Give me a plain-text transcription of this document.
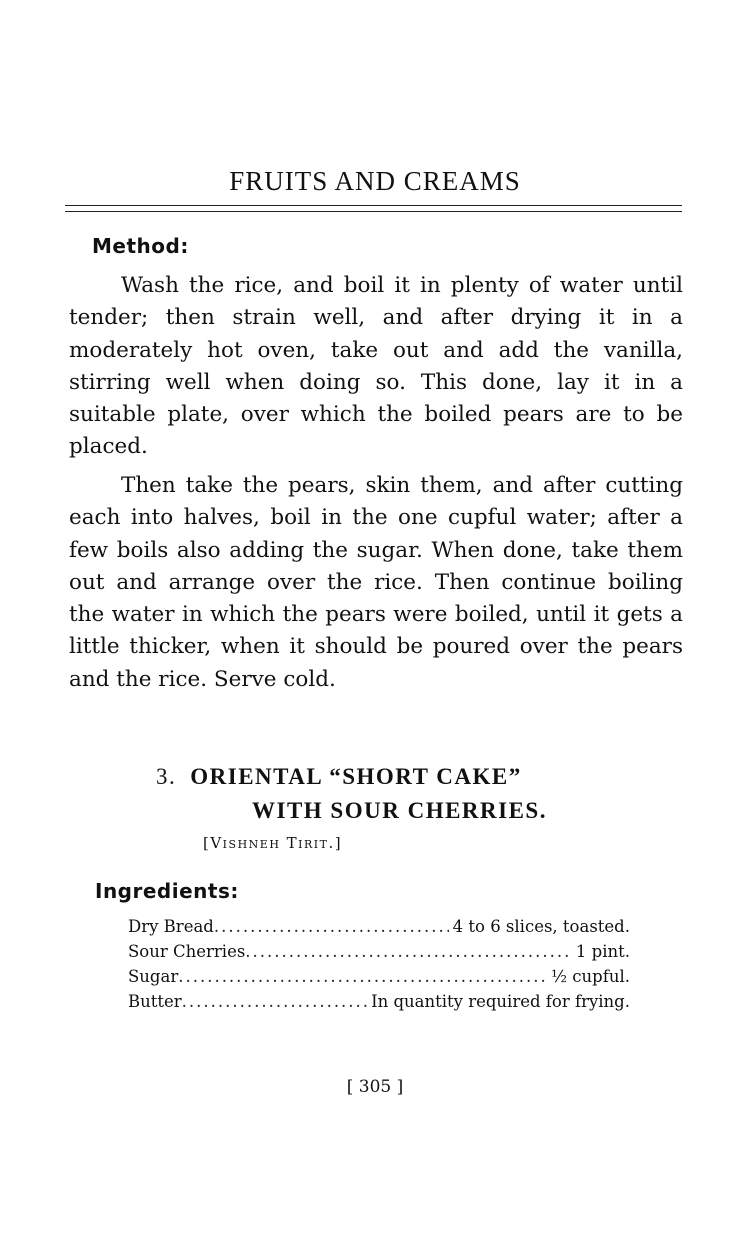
FRUITS AND CREAMS
Method:

Wash the rice, and boil it in plenty of water until tender; then strain well, and after drying it in a moderately hot oven, take out and add the vanilla, stirring well when doing so. This done, lay it in a suitable plate, over which the boiled pears are to be placed.

Then take the pears, skin them, and after cutting each into halves, boil in the one cupful water; after a few boils also adding the sugar. When done, take them out and arrange over the rice. Then continue boiling the water in which the pears were boiled, until it gets a little thicker, when it should be poured over the pears and the rice. Serve cold.

3. ORIENTAL “SHORT CAKE”
WITH SOUR CHERRIES.
[Vishneh Tirit.]
Ingredients:
Dry Bread .....	4 to 6 slices, toasted.
Sour Cherries .....	1 pint.
Sugar .....	½ cupful.
Butter .....	In quantity required for frying.
[ 305 ]
